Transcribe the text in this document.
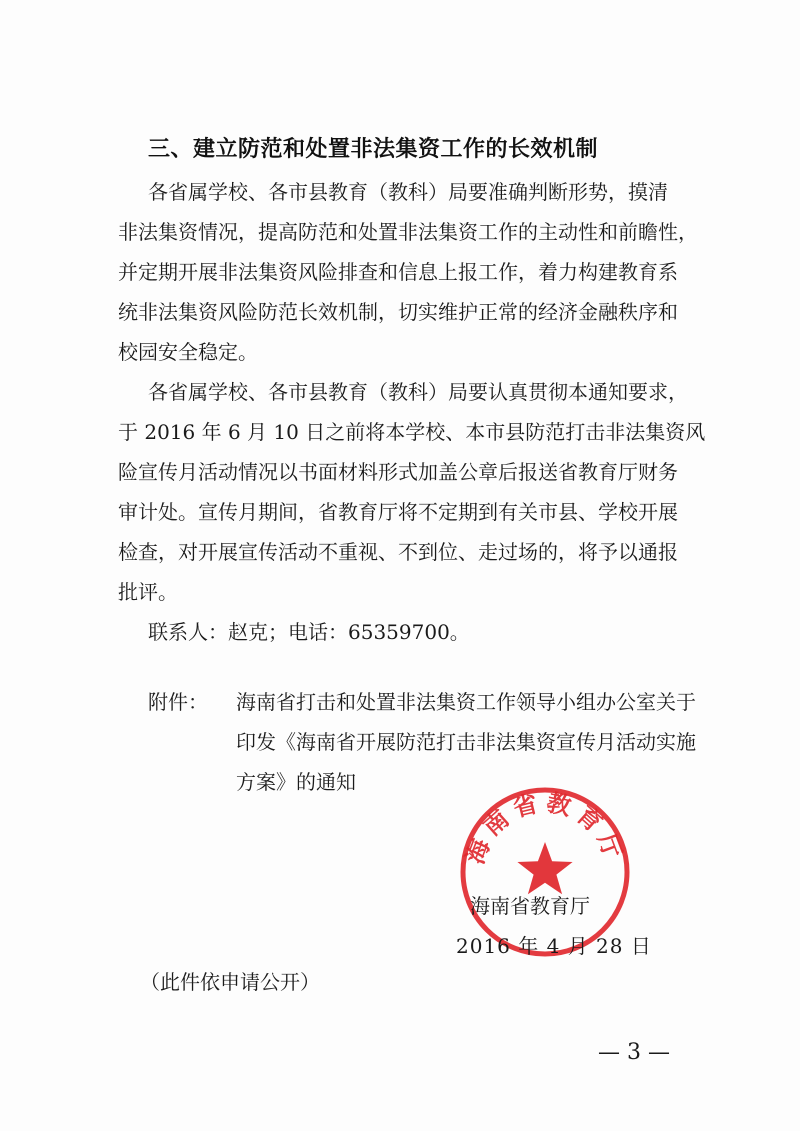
三、建立防范和处置非法集资工作的长效机制
各省属学校、各市县教育（教科）局要准确判断形势，摸清
非法集资情况，提高防范和处置非法集资工作的主动性和前瞻性，
并定期开展非法集资风险排查和信息上报工作，着力构建教育系
统非法集资风险防范长效机制，切实维护正常的经济金融秩序和
校园安全稳定。
各省属学校、各市县教育（教科）局要认真贯彻本通知要求，
于 2016 年 6 月 10 日之前将本学校、本市县防范打击非法集资风
险宣传月活动情况以书面材料形式加盖公章后报送省教育厅财务
审计处。宣传月期间，省教育厅将不定期到有关市县、学校开展
检查，对开展宣传活动不重视、不到位、走过场的，将予以通报
批评。
联系人：赵克；电话：65359700。
附件： 海南省打击和处置非法集资工作领导小组办公室关于
印发《海南省开展防范打击非法集资宣传月活动实施
方案》的通知
海南省教育厅
海南省教育厅
2016 年 4 月 28 日
（此件依申请公开）
— 3 —
